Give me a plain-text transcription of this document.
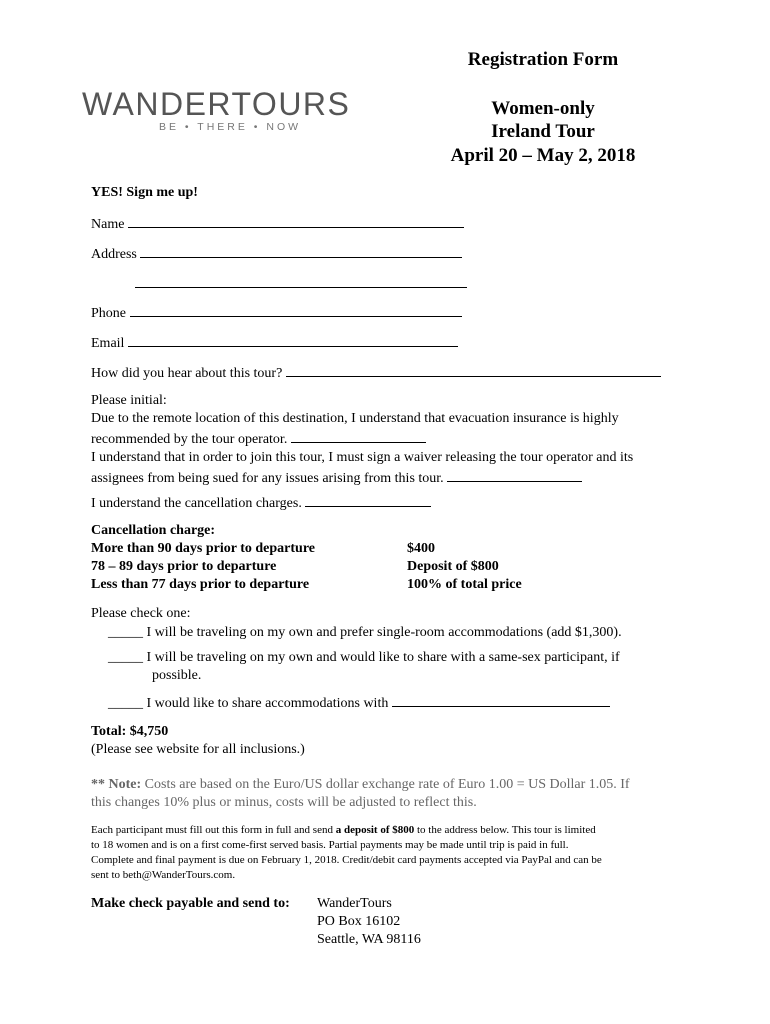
WANDERTOURS
BE • THERE • NOW
Registration Form
Women-only
Ireland Tour
April 20 – May 2, 2018
YES! Sign me up!
Name
Address
Phone
Email
How did you hear about this tour?
Please initial:
Due to the remote location of this destination, I understand that evacuation insurance is highly
recommended by the tour operator.
I understand that in order to join this tour, I must sign a waiver releasing the tour operator and its
assignees from being sued for any issues arising from this tour.
I understand the cancellation charges.
Cancellation charge:
More than 90 days prior to departure	$400
78 – 89 days prior to departure	Deposit of $800
Less than 77 days prior to departure	100% of total price
Please check one:
_____ I will be traveling on my own and prefer single-room accommodations (add $1,300).
_____ I will be traveling on my own and would like to share with a same-sex participant, if
possible.
_____ I would like to share accommodations with
Total: $4,750
(Please see website for all inclusions.)
** Note: Costs are based on the Euro/US dollar exchange rate of Euro 1.00 = US Dollar 1.05. If
this changes 10% plus or minus, costs will be adjusted to reflect this.
Each participant must fill out this form in full and send a deposit of $800 to the address below. This tour is limited
to 18 women and is on a first come-first served basis. Partial payments may be made until trip is paid in full.
Complete and final payment is due on February 1, 2018. Credit/debit card payments accepted via PayPal and can be
sent to beth@WanderTours.com.
Make check payable and send to: WanderTours
PO Box 16102
Seattle, WA 98116
